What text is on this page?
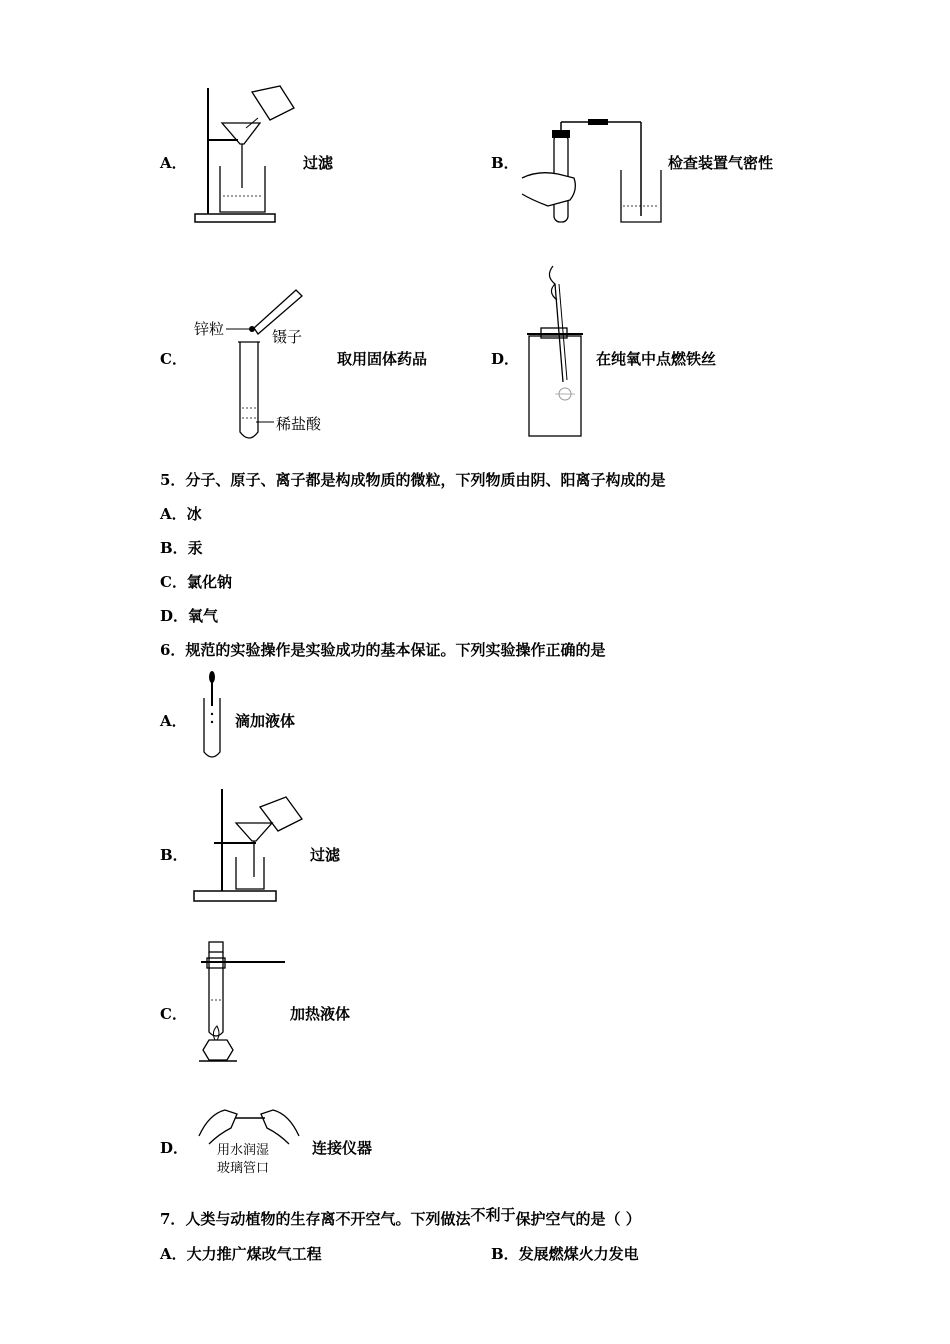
A．	过滤	B．	检查装置气密性
C．
锌粒	镊子
稀盐酸
取用固体药品	D．	在纯氧中点燃铁丝
5．分子、原子、离子都是构成物质的微粒，下列物质由阴、阳离子构成的是
A．冰
B．汞
C．氯化钠
D．氧气
6．规范的实验操作是实验成功的基本保证。下列实验操作正确的是
A．	滴加液体
B．	过滤
C．	加热液体
D． 用水润湿
玻璃管口
连接仪器
7．人类与动植物的生存离不开空气。下列做法不利于保护空气的是（ ）
A．大力推广煤改气工程	B．发展燃煤火力发电
